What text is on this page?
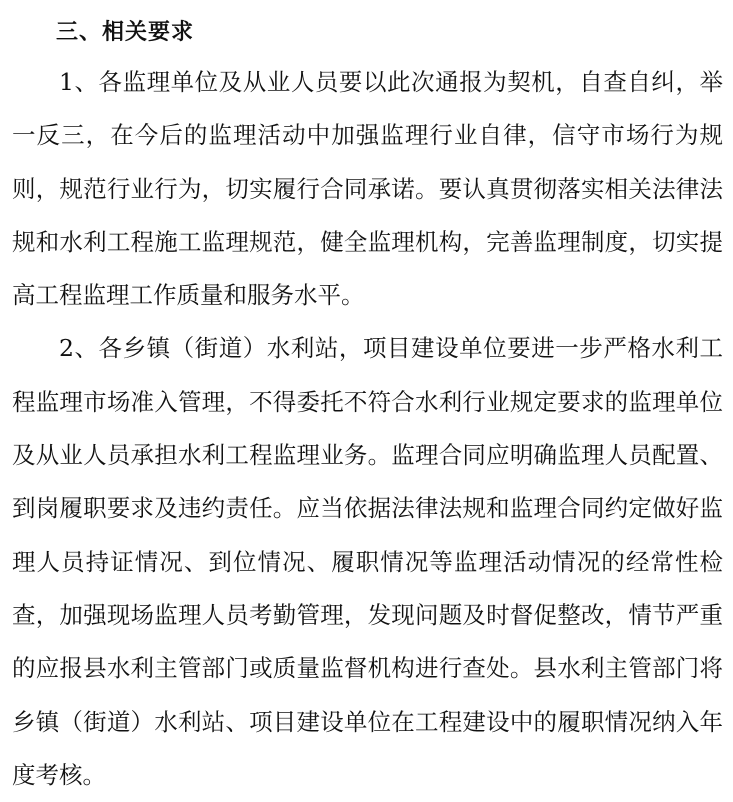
三、相关要求

1、各监理单位及从业人员要以此次通报为契机，自查自纠，举一反三，在今后的监理活动中加强监理行业自律，信守市场行为规则，规范行业行为，切实履行合同承诺。要认真贯彻落实相关法律法规和水利工程施工监理规范，健全监理机构，完善监理制度，切实提高工程监理工作质量和服务水平。

2、各乡镇（街道）水利站，项目建设单位要进一步严格水利工程监理市场准入管理，不得委托不符合水利行业规定要求的监理单位及从业人员承担水利工程监理业务。监理合同应明确监理人员配置、到岗履职要求及违约责任。应当依据法律法规和监理合同约定做好监理人员持证情况、到位情况、履职情况等监理活动情况的经常性检查，加强现场监理人员考勤管理，发现问题及时督促整改，情节严重的应报县水利主管部门或质量监督机构进行查处。县水利主管部门将乡镇（街道）水利站、项目建设单位在工程建设中的履职情况纳入年度考核。
